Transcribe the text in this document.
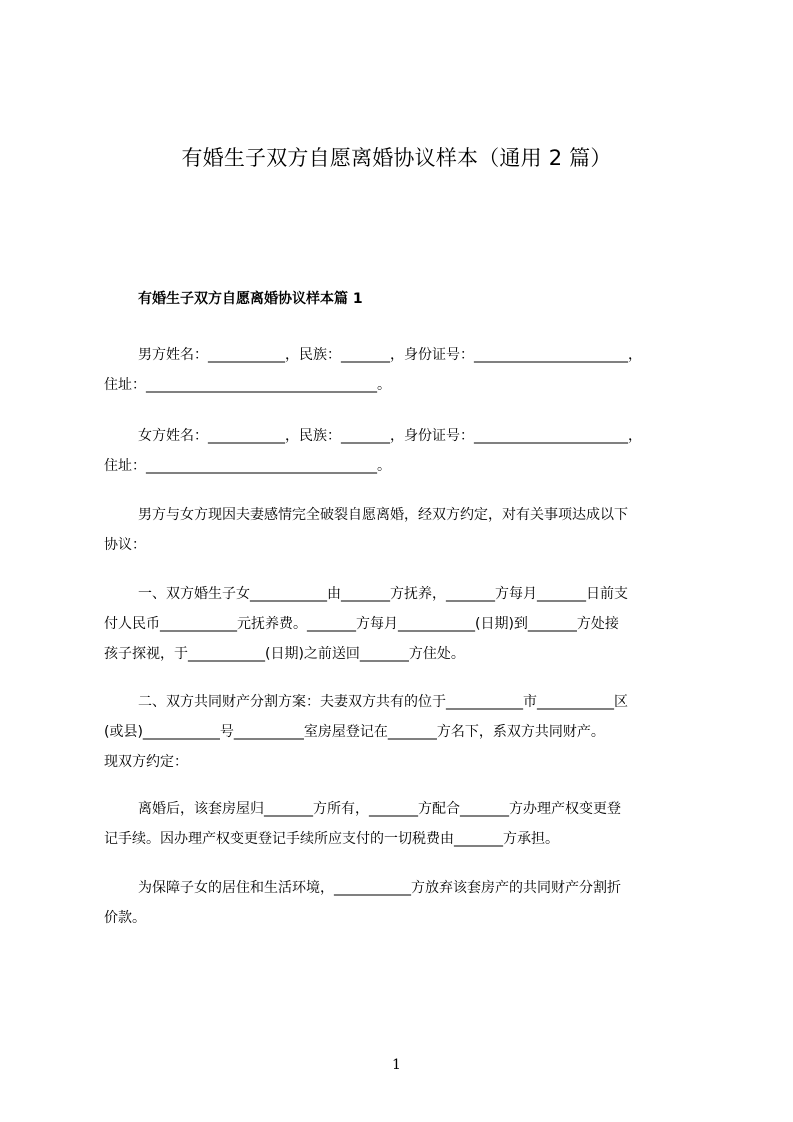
有婚生子双方自愿离婚协议样本（通用 2 篇）
有婚生子双方自愿离婚协议样本篇 1

男方姓名：___________，民族：_______，身份证号：______________________，
住址：_________________________________。

女方姓名：___________，民族：_______，身份证号：______________________，
住址：_________________________________。

男方与女方现因夫妻感情完全破裂自愿离婚，经双方约定，对有关事项达成以下
协议：

一、双方婚生子女___________由_______方抚养，_______方每月_______日前支
付人民币___________元抚养费。_______方每月___________(日期)到_______方处接
孩子探视，于___________(日期)之前送回_______方住处。

二、双方共同财产分割方案：夫妻双方共有的位于___________市___________区
(或县)___________号__________室房屋登记在_______方名下，系双方共同财产。
现双方约定：

离婚后，该套房屋归_______方所有，_______方配合_______方办理产权变更登
记手续。因办理产权变更登记手续所应支付的一切税费由_______方承担。

为保障子女的居住和生活环境，___________方放弃该套房产的共同财产分割折
价款。

1
